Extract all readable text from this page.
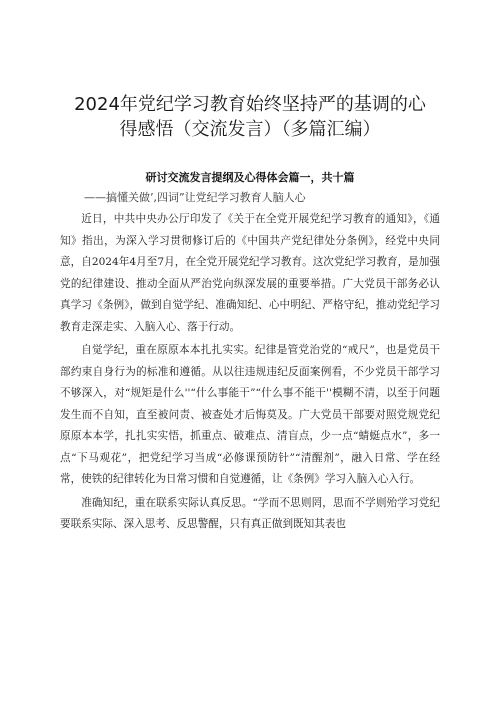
2024年党纪学习教育始终坚持严的基调的心
得感悟（交流发言）（多篇汇编）

研讨交流发言提纲及心得体会篇一，共十篇

——搞懂关做’,四词”让党纪学习教育人脑人心

近日，中共中央办公厅印发了《关于在全党开展党纪学习教育的通知》，《通知》指出，为深入学习贯彻修订后的《中国共产党纪律处分条例》，经党中央同意，自2024年4月至7月，在全党开展党纪学习教育。这次党纪学习教育，是加强党的纪律建设、推动全面从严治党向纵深发展的重要举措。广大党员干部务必认真学习《条例》，做到自觉学纪、准确知纪、心中明纪、严格守纪，推动党纪学习教育走深走实、入脑入心、落于行动。

自觉学纪，重在原原本本扎扎实实。纪律是管党治党的“戒尺”，也是党员干部约束自身行为的标准和遵循。从以往违规违纪反面案例看，不少党员干部学习不够深入，对“规矩是什么''“什么事能干”“什么事不能干''模糊不清，以至于问题发生而不自知，直至被问责、被查处才后悔莫及。广大党员干部要对照党规党纪原原本本学，扎扎实实悟，抓重点、破难点、清盲点，少一点“蜻蜓点水”，多一点“下马观花”，把党纪学习当成“必修课预防针”“清醒剂”，融入日常、学在经常，使铁的纪律转化为日常习惯和自觉遵循，让《条例》学习入脑入心入行。

准确知纪，重在联系实际认真反思。“学而不思则罔，思而不学则殆学习党纪要联系实际、深入思考、反思警醒，只有真正做到既知其表也
